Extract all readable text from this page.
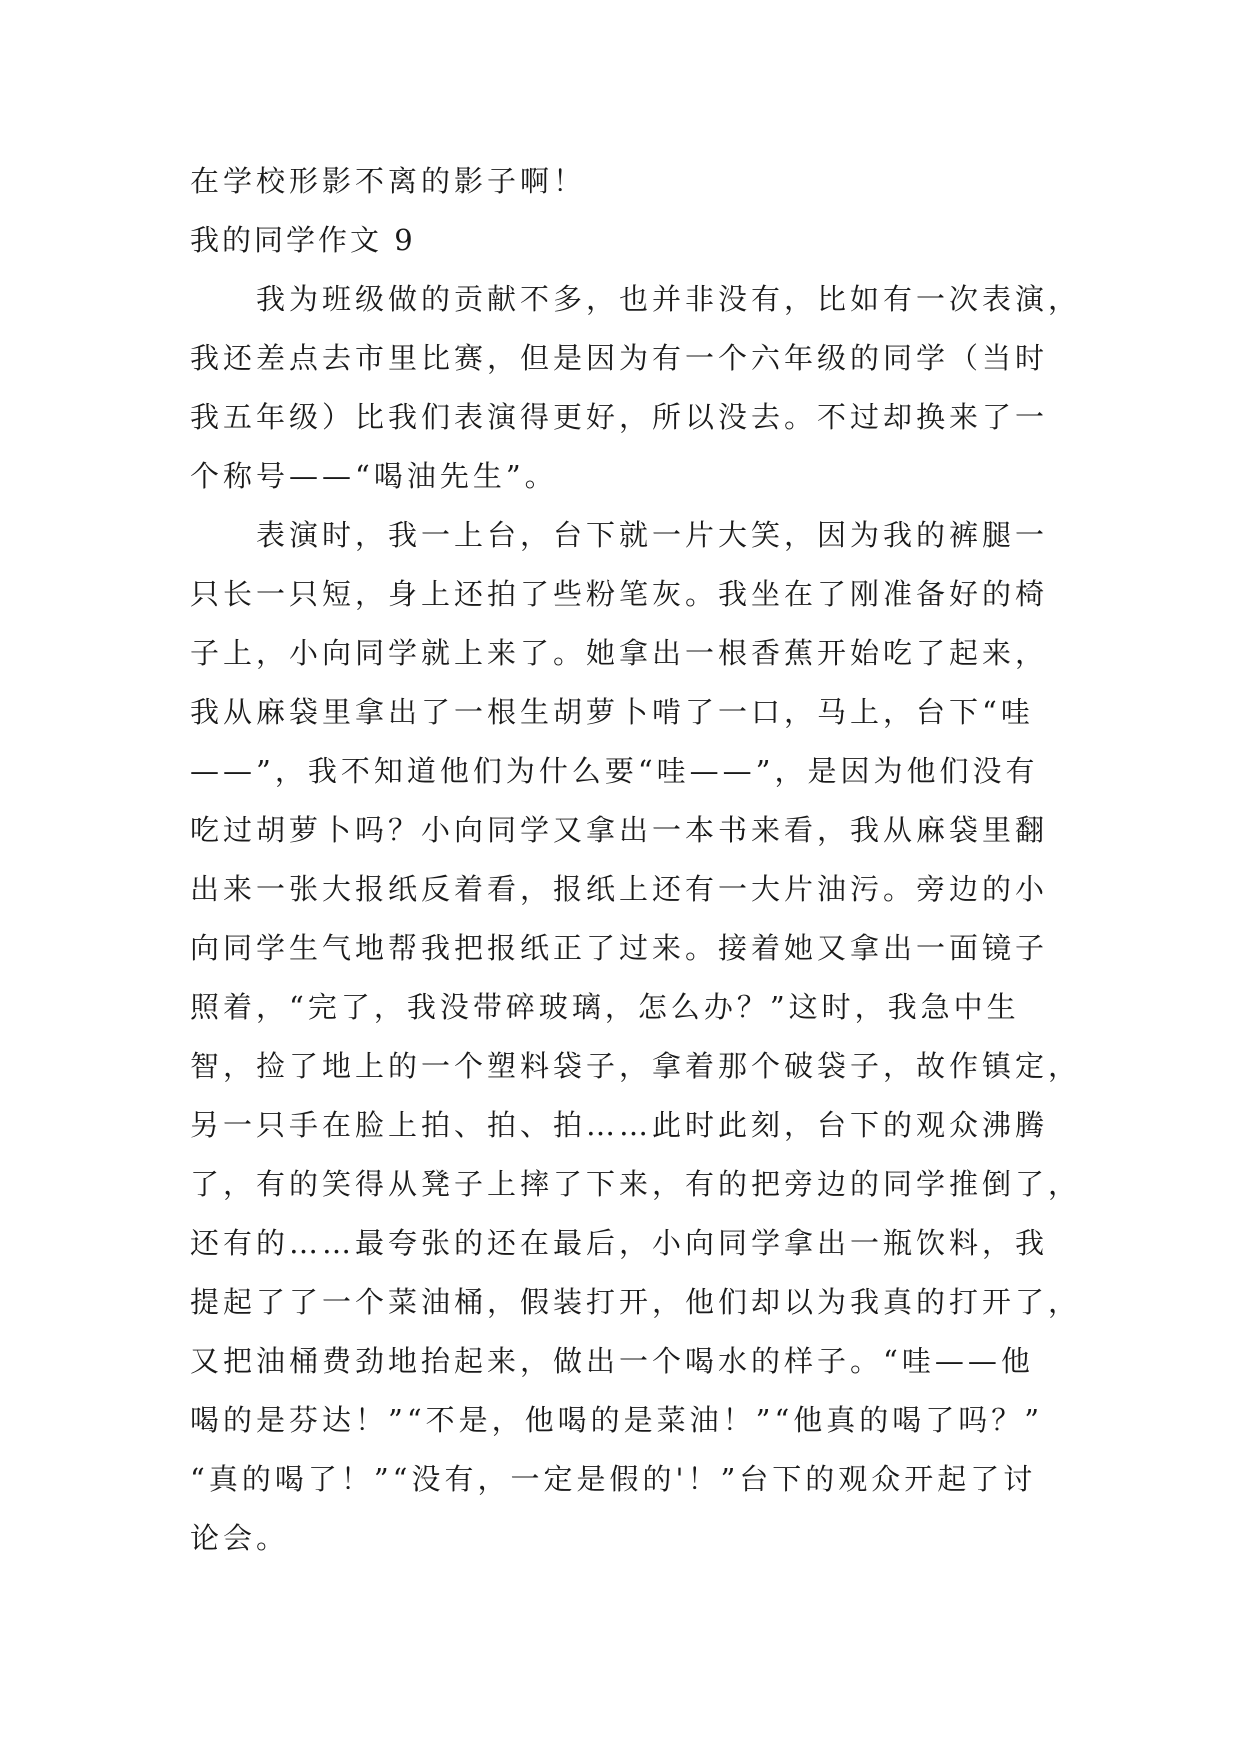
在学校形影不离的影子啊！
我的同学作文 9
我为班级做的贡献不多，也并非没有，比如有一次表演，
我还差点去市里比赛，但是因为有一个六年级的同学（当时
我五年级）比我们表演得更好，所以没去。不过却换来了一
个称号——“喝油先生”。
表演时，我一上台，台下就一片大笑，因为我的裤腿一
只长一只短，身上还拍了些粉笔灰。我坐在了刚准备好的椅
子上，小向同学就上来了。她拿出一根香蕉开始吃了起来，
我从麻袋里拿出了一根生胡萝卜啃了一口，马上，台下“哇
——”，我不知道他们为什么要“哇——”，是因为他们没有
吃过胡萝卜吗？小向同学又拿出一本书来看，我从麻袋里翻
出来一张大报纸反着看，报纸上还有一大片油污。旁边的小
向同学生气地帮我把报纸正了过来。接着她又拿出一面镜子
照着，“完了，我没带碎玻璃，怎么办？”这时，我急中生
智，捡了地上的一个塑料袋子，拿着那个破袋子，故作镇定，
另一只手在脸上拍、拍、拍……此时此刻，台下的观众沸腾
了，有的笑得从凳子上摔了下来，有的把旁边的同学推倒了，
还有的……最夸张的还在最后，小向同学拿出一瓶饮料，我
提起了了一个菜油桶，假装打开，他们却以为我真的打开了，
又把油桶费劲地抬起来，做出一个喝水的样子。“哇——他
喝的是芬达！”“不是，他喝的是菜油！”“他真的喝了吗？”
“真的喝了！”“没有，一定是假的'！”台下的观众开起了讨
论会。
